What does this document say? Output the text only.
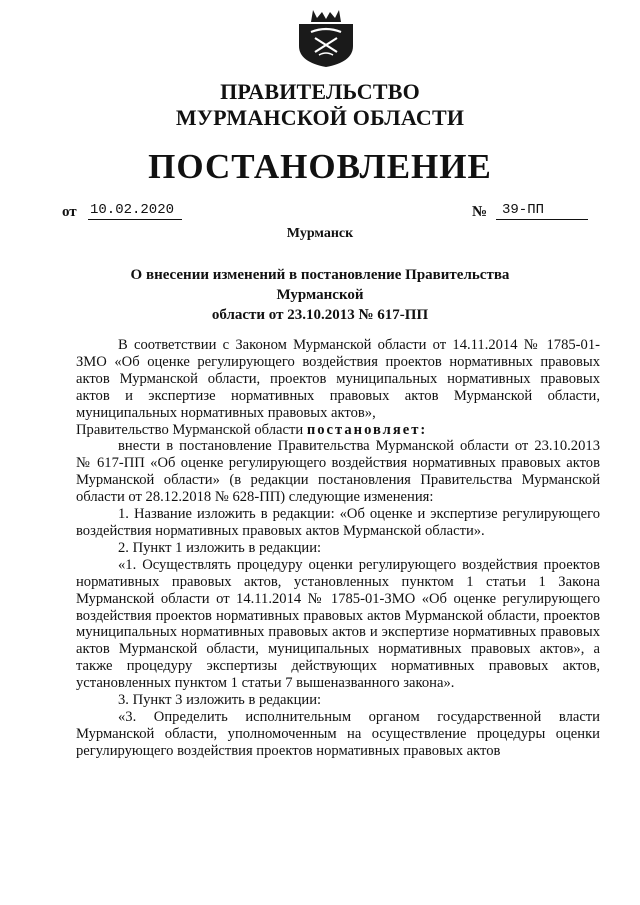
ПРАВИТЕЛЬСТВО
МУРМАНСКОЙ ОБЛАСТИ
ПОСТАНОВЛЕНИЕ
от 10.02.2020	№	39-ПП
Мурманск
О внесении изменений в постановление Правительства Мурманской
области от 23.10.2013 № 617-ПП

В соответствии с Законом Мурманской области от 14.11.2014 № 1785-01-ЗМО «Об оценке регулирующего воздействия проектов нормативных правовых актов Мурманской области, проектов муниципальных нормативных правовых актов и экспертизе нормативных правовых актов Мурманской области, муниципальных нормативных правовых актов»,

Правительство Мурманской области постановляет:

внести в постановление Правительства Мурманской области от 23.10.2013 № 617-ПП «Об оценке регулирующего воздействия нормативных правовых актов Мурманской области» (в редакции постановления Правительства Мурманской области от 28.12.2018 № 628-ПП) следующие изменения:

1. Название изложить в редакции: «Об оценке и экспертизе регулирующего воздействия нормативных правовых актов Мурманской области».

2. Пункт 1 изложить в редакции:

«1. Осуществлять процедуру оценки регулирующего воздействия проектов нормативных правовых актов, установленных пунктом 1 статьи 1 Закона Мурманской области от 14.11.2014 № 1785-01-ЗМО «Об оценке регулирующего воздействия проектов нормативных правовых актов Мурманской области, проектов муниципальных нормативных правовых актов и экспертизе нормативных правовых актов Мурманской области, муниципальных нормативных правовых актов», а также процедуру экспертизы действующих нормативных правовых актов, установленных пунктом 1 статьи 7 вышеназванного закона».

3. Пункт 3 изложить в редакции:

«3. Определить исполнительным органом государственной власти Мурманской области, уполномоченным на осуществление процедуры оценки регулирующего воздействия проектов нормативных правовых актов
